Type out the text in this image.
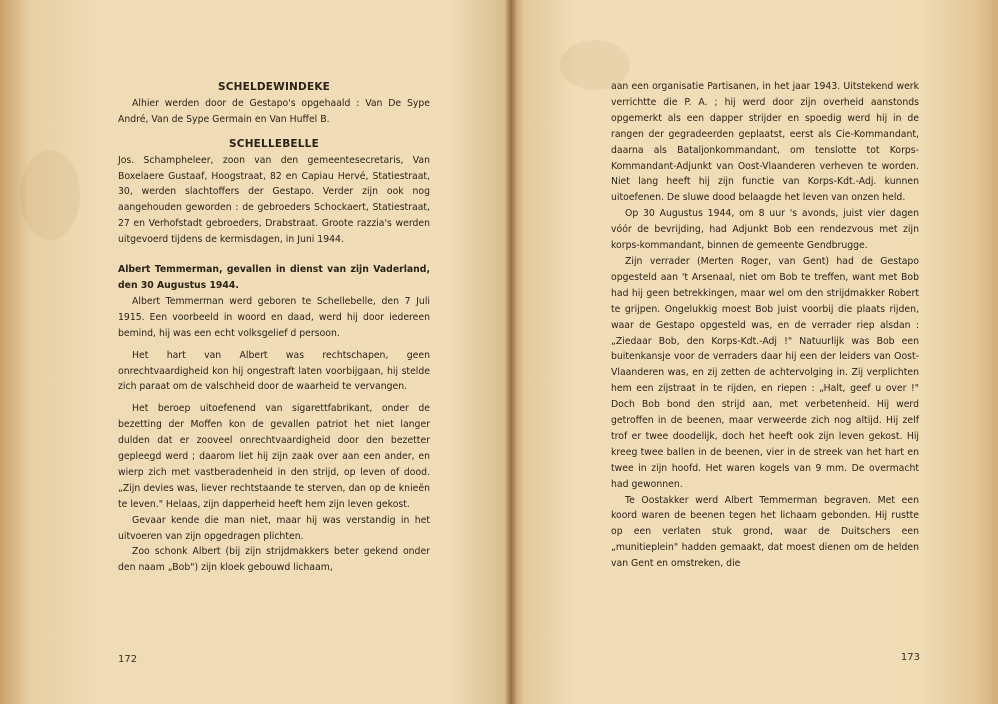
SCHELDEWINDEKE

Alhier werden door de Gestapo's opgehaald : Van De Sype André, Van de Sype Germain en Van Huffel B.

SCHELLEBELLE

Jos. Schampheleer, zoon van den gemeentesecretaris, Van Boxelaere Gustaaf, Hoogstraat, 82 en Capiau Hervé, Statiestraat, 30, werden slachtoffers der Gestapo. Verder zijn ook nog aangehouden geworden : de gebroeders Schockaert, Statiestraat, 27 en Verhofstadt gebroeders, Drabstraat. Groote razzia's werden uitgevoerd tijdens de kermisdagen, in Juni 1944.

Albert Temmerman, gevallen in dienst van zijn Vaderland, den 30 Augustus 1944.

Albert Temmerman werd geboren te Schellebelle, den 7 Juli 1915. Een voorbeeld in woord en daad, werd hij door iedereen bemind, hij was een echt volksgelief d persoon.

Het hart van Albert was rechtschapen, geen onrechtvaardigheid kon hij ongestraft laten voorbijgaan, hij stelde zich paraat om de valschheid door de waarheid te vervangen.

Het beroep uitoefenend van sigarettfabrikant, onder de bezetting der Moffen kon de gevallen patriot het niet langer dulden dat er zooveel onrechtvaardigheid door den bezetter gepleegd werd ; daarom liet hij zijn zaak over aan een ander, en wierp zich met vastberadenheid in den strijd, op leven of dood. „Zijn devies was, liever rechtstaande te sterven, dan op de knieën te leven." Helaas, zijn dapperheid heeft hem zijn leven gekost.

Gevaar kende die man niet, maar hij was verstandig in het uitvoeren van zijn opgedragen plichten.

Zoo schonk Albert (bij zijn strijdmakkers beter gekend onder den naam „Bob") zijn kloek gebouwd lichaam,

172

aan een organisatie Partisanen, in het jaar 1943. Uitstekend werk verrichtte die P. A. ; hij werd door zijn overheid aanstonds opgemerkt als een dapper strijder en spoedig werd hij in de rangen der gegradeerden geplaatst, eerst als Cie-Kommandant, daarna als Bataljonkommandant, om tenslotte tot Korps-Kommandant-Adjunkt van Oost-Vlaanderen verheven te worden. Niet lang heeft hij zijn functie van Korps-Kdt.-Adj. kunnen uitoefenen. De sluwe dood belaagde het leven van onzen held.

Op 30 Augustus 1944, om 8 uur 's avonds, juist vier dagen vóór de bevrijding, had Adjunkt Bob een rendezvous met zijn korps-kommandant, binnen de gemeente Gendbrugge.

Zijn verrader (Merten Roger, van Gent) had de Gestapo opgesteld aan 't Arsenaal, niet om Bob te treffen, want met Bob had hij geen betrekkingen, maar wel om den strijdmakker Robert te grijpen. Ongelukkig moest Bob juist voorbij die plaats rijden, waar de Gestapo opgesteld was, en de verrader riep alsdan : „Ziedaar Bob, den Korps-Kdt.-Adj !" Natuurlijk was Bob een buitenkansje voor de verraders daar hij een der leiders van Oost-Vlaanderen was, en zij zetten de achtervolging in. Zij verplichten hem een zijstraat in te rijden, en riepen : „Halt, geef u over !" Doch Bob bond den strijd aan, met verbetenheid. Hij werd getroffen in de beenen, maar verweerde zich nog altijd. Hij zelf trof er twee doodelijk, doch het heeft ook zijn leven gekost. Hij kreeg twee ballen in de beenen, vier in de streek van het hart en twee in zijn hoofd. Het waren kogels van 9 mm. De overmacht had gewonnen.

Te Oostakker werd Albert Temmerman begraven. Met een koord waren de beenen tegen het lichaam gebonden. Hij rustte op een verlaten stuk grond, waar de Duitschers een „munitieplein" hadden gemaakt, dat moest dienen om de helden van Gent en omstreken, die

173
